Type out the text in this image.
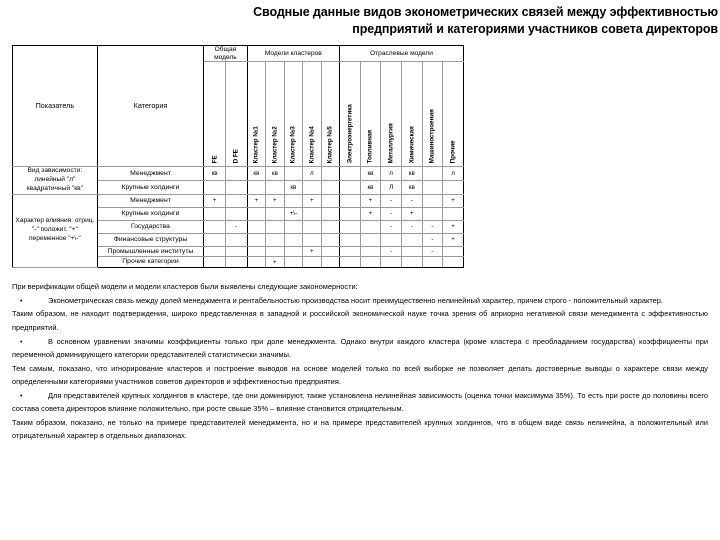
Сводные данные видов эконометрических связей между эффективностью
предприятий и категориями участников совета директоров
Показатель	Категория	Общая модель		Модели кластеров					Отраслевые модели					

		FE	D FE	Кластер №1	Кластер №2	Кластер №3	Кластер №4	Кластер №5	Электроэнергетика	Топливная	Металлургия	Химическая	Машиностроения	Прочие

Вид зависимости: линейный "л" квадратичный "кв"	Менеджмент	кв		кв	кв		л			кв	л	кв		л
	Крупные холдинги					кв				кв	Л	кв		
Характер влияния: отриц. "-" положит. "+" переменное "+\-"	Менеджмент	+		+	+		+			+	-	-		+
	Крупные холдинги					+\-				+	-	+		
	Государства		-								-	-	-	+
	Финансовые структуры												-	+
	Промышленные институты						+				-		-	
	Прочие категории				+									

При верификации общей модели и модели кластеров были выявлены следующие закономерности:

•	Эконометрическая связь между долей менеджмента и рентабельностью производства носит преимущественно нелинейный характер, причем строго - положительный характер.

Таким образом, не находит подтверждения, широко представленная в западной и российской экономической науке точка зрения об априорно негативной связи менеджмента с эффективностью предприятий.

•	В основном уравнении значимы коэффициенты только при доле менеджмента. Однако внутри каждого кластера (кроме кластера с преобладанием государства) коэффициенты при переменной доминирующего категории представителей статистически значимы.

Тем самым, показано, что игнорирование кластеров и построение выводов на основе моделей только по всей выборке не позволяет делать достоверные выводы о характере связи между определенными категориями участников советов директоров и эффективностью предприятия.

•	Для представителей крупных холдингов в кластере, где они доминируют, также установлена нелинейная зависимость (оценка точки максимума 35%). То есть при росте до половины всего состава совета директоров влияние положительно, при росте свыше 35% – влияние становится отрицательным.

Таким образом, показано, не только на примере представителей менеджмента, но и на примере представителей крупных холдингов, что в общем виде связь нелинейна, а положительный или отрицательный характер в отдельных диапазонах.
